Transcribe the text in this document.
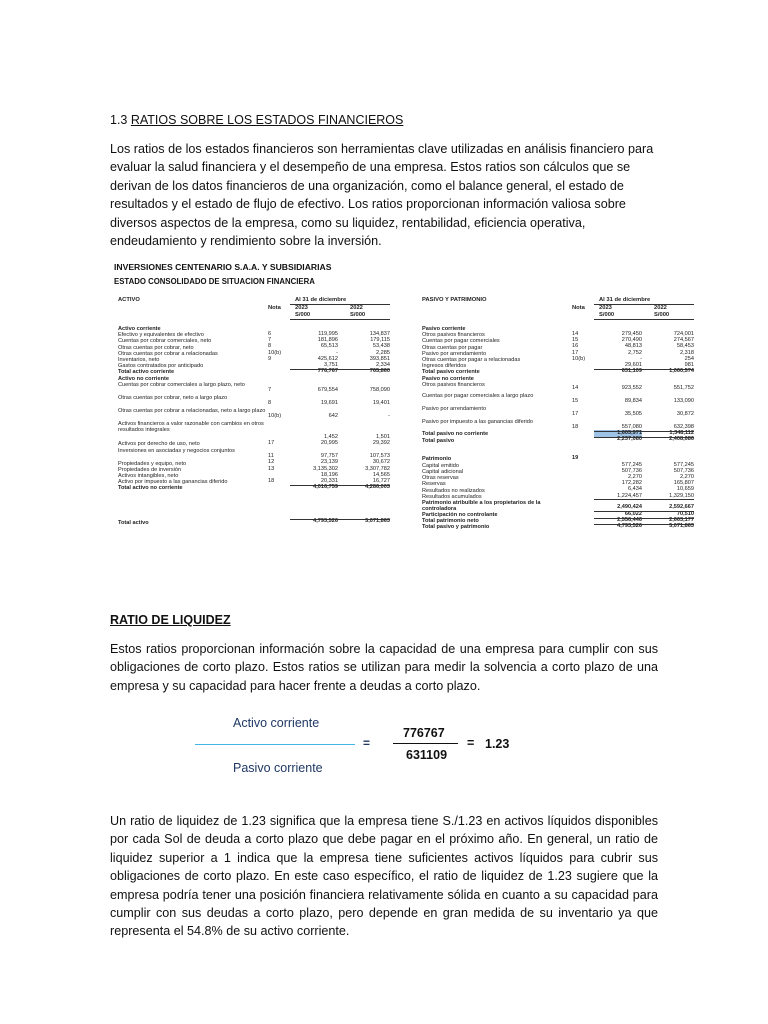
1.3 RATIOS SOBRE LOS ESTADOS FINANCIEROS
Los ratios de los estados financieros son herramientas clave utilizadas en análisis financiero para evaluar la salud financiera y el desempeño de una empresa. Estos ratios son cálculos que se derivan de los datos financieros de una organización, como el balance general, el estado de resultados y el estado de flujo de efectivo. Los ratios proporcionan información valiosa sobre diversos aspectos de la empresa, como su liquidez, rentabilidad, eficiencia operativa, endeudamiento y rendimiento sobre la inversión.
INVERSIONES CENTENARIO S.A.A. Y SUBSIDIARIAS
ESTADO CONSOLIDADO DE SITUACION FINANCIERA
ACTIVO
Nota
Al 31 de diciembre
2023	2022
S/000	S/000
PASIVO Y PATRIMONIO
Nota
Al 31 de diciembre
2023	2022
S/000	S/000
Activo corriente
Efectivo y equivalentes de efectivo	6	119,995	134,837
Cuentas por cobrar comerciales, neto	7	181,896	179,115
Otras cuentas por cobrar, neto	8	65,513	53,438
Otras cuentas por cobrar a relacionadas	10(b)	-	2,285
Inventarios, neto	9	425,612	393,851
Gastos contratados por anticipado	3,751	2,334
Total activo corriente	776,767	765,860
Activo no corriente
Cuentas por cobrar comerciales a largo plazo, neto
7	679,554	758,090
Otras cuentas por cobrar, neto a largo plazo
8	19,691	19,401
Otras cuentas por cobrar a relacionadas, neto a largo plazo
10(b)	642	-
Activos financieros a valor razonable con cambios en otros resultados integrales
1,452	1,501
Activos por derecho de uso, neto	17	20,995	29,392
Inversiones en asociadas y negocios conjuntos
11	97,757	107,573
Propiedades y equipo, neto	12	23,139	30,672
Propiedades de inversión	13	3,135,302	3,307,782
Activos intangibles, neto	18,196	14,565
Activo por impuesto a las ganancias diferido	18	20,331	16,727
Total activo no corriente	4,016,759	4,286,003
Total activo	4,793,526	5,071,863
Pasivo corriente
Otros pasivos financieros	14	279,450	724,001
Cuentas por pagar comerciales	15	270,490	274,567
Otras cuentas por pagar	16	48,813	58,453
Pasivo por arrendamiento	17	2,752	2,318
Otras cuentas por pagar a relacionadas	10(b)	-	254
Ingresos diferidos	29,601	981
Total pasivo corriente	631,109	1,060,574
Pasivo no corriente
Otros pasivos financieros
14	923,552	551,752
Cuentas por pagar comerciales a largo plazo
15	89,834	133,090
Pasivo por arrendamiento
17	35,505	30,872
Pasivo por impuesto a las ganancias diferido
18	557,080	632,398
Total pasivo no corriente	1,605,971	1,348,112
Total pasivo	2,237,080	2,408,686
Patrimonio	19
Capital emitido	577,245	577,245
Capital adicional	507,736	507,736
Otras reservas	2,270	2,270
Reservas	172,282	165,807
Resultados no realizados	6,434	10,659
Resultados acumulados	1,224,457	1,329,150
Patrimonio atribuible a los propietarios de la controladora	2,490,424	2,592,667
Participación no controlante	66,022	70,510
Total patrimonio neto	2,556,446	2,663,177
Total pasivo y patrimonio	4,793,526	5,071,863
RATIO DE LIQUIDEZ
Estos ratios proporcionan información sobre la capacidad de una empresa para cumplir con sus obligaciones de corto plazo. Estos ratios se utilizan para medir la solvencia a corto plazo de una empresa y su capacidad para hacer frente a deudas a corto plazo.
Activo corriente
Pasivo corriente
=
776767
631109
= 1.23
Un ratio de liquidez de 1.23 significa que la empresa tiene S./1.23 en activos líquidos disponibles por cada Sol de deuda a corto plazo que debe pagar en el próximo año. En general, un ratio de liquidez superior a 1 indica que la empresa tiene suficientes activos líquidos para cubrir sus obligaciones de corto plazo. En este caso específico, el ratio de liquidez de 1.23 sugiere que la empresa podría tener una posición financiera relativamente sólida en cuanto a su capacidad para cumplir con sus deudas a corto plazo, pero depende en gran medida de su inventario ya que representa el 54.8% de su activo corriente.
